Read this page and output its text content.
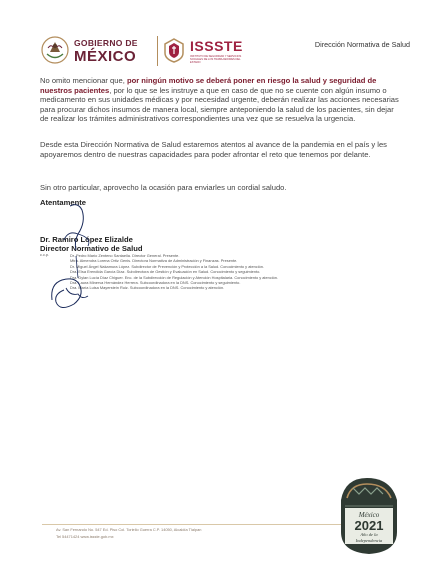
GOBIERNO DE
MÉXICO
ISSSTE
INSTITUTO DE SEGURIDAD Y SERVICIOS SOCIALES DE LOS TRABAJADORES DEL ESTADO
Dirección Normativa de Salud
No omito mencionar que, por ningún motivo se deberá poner en riesgo la salud y seguridad de nuestros pacientes, por lo que se les instruye a que en caso de que no se cuente con algún insumo o medicamento en sus unidades médicas y por necesidad urgente, deberán realizar las acciones necesarias para procurar dichos insumos de manera local, siempre anteponiendo la salud de los pacientes, sin dejar de realizar los trámites administrativos correspondientes una vez que se resuelva la urgencia.
Desde esta Dirección Normativa de Salud estaremos atentos al avance de la pandemia en el país y les apoyaremos dentro de nuestras capacidades para poder afrontar el reto que tenemos por delante.
Sin otro particular, aprovecho la ocasión para enviarles un cordial saludo.
Atentamente
Dr. Ramiro López Elizalde
Director Normativo de Salud
c.c.p.	Dr. Pedro Mario Zenteno Santaella. Director General. Presente.
Mtra. Almendra Lorena Ortiz Genis. Directora Normativa de Administración y Finanzas. Presente.
Dr. Miguel Ángel Nakamura López. Subdirector de Prevención y Protección a la Salud. Conocimiento y atención.
Dra. Elsa Erendida García Díaz. Subdirectora de Gestión y Evaluación en Salud. Conocimiento y seguimiento.
Dra. Dylan Lucía Díaz Chiguer. Enc. de la Subdirección de Regulación y Atención Hospitalaria. Conocimiento y atención.
Dra. Laura Minerva Hernández Herrera. Subcoordinadora en la DNS. Conocimiento y seguimiento.
Dra. María Luisa Mayerstein Ruiz. Subcoordinadora en la DNS. Conocimiento y atención.
Av. San Fernando No. 547 Ed. Piso Col. Toriello Guerra C.P. 14050, Alcaldía Tlalpan
Tel 54471424 www.issste.gob.mx
México
2021
Año de la
Independencia
